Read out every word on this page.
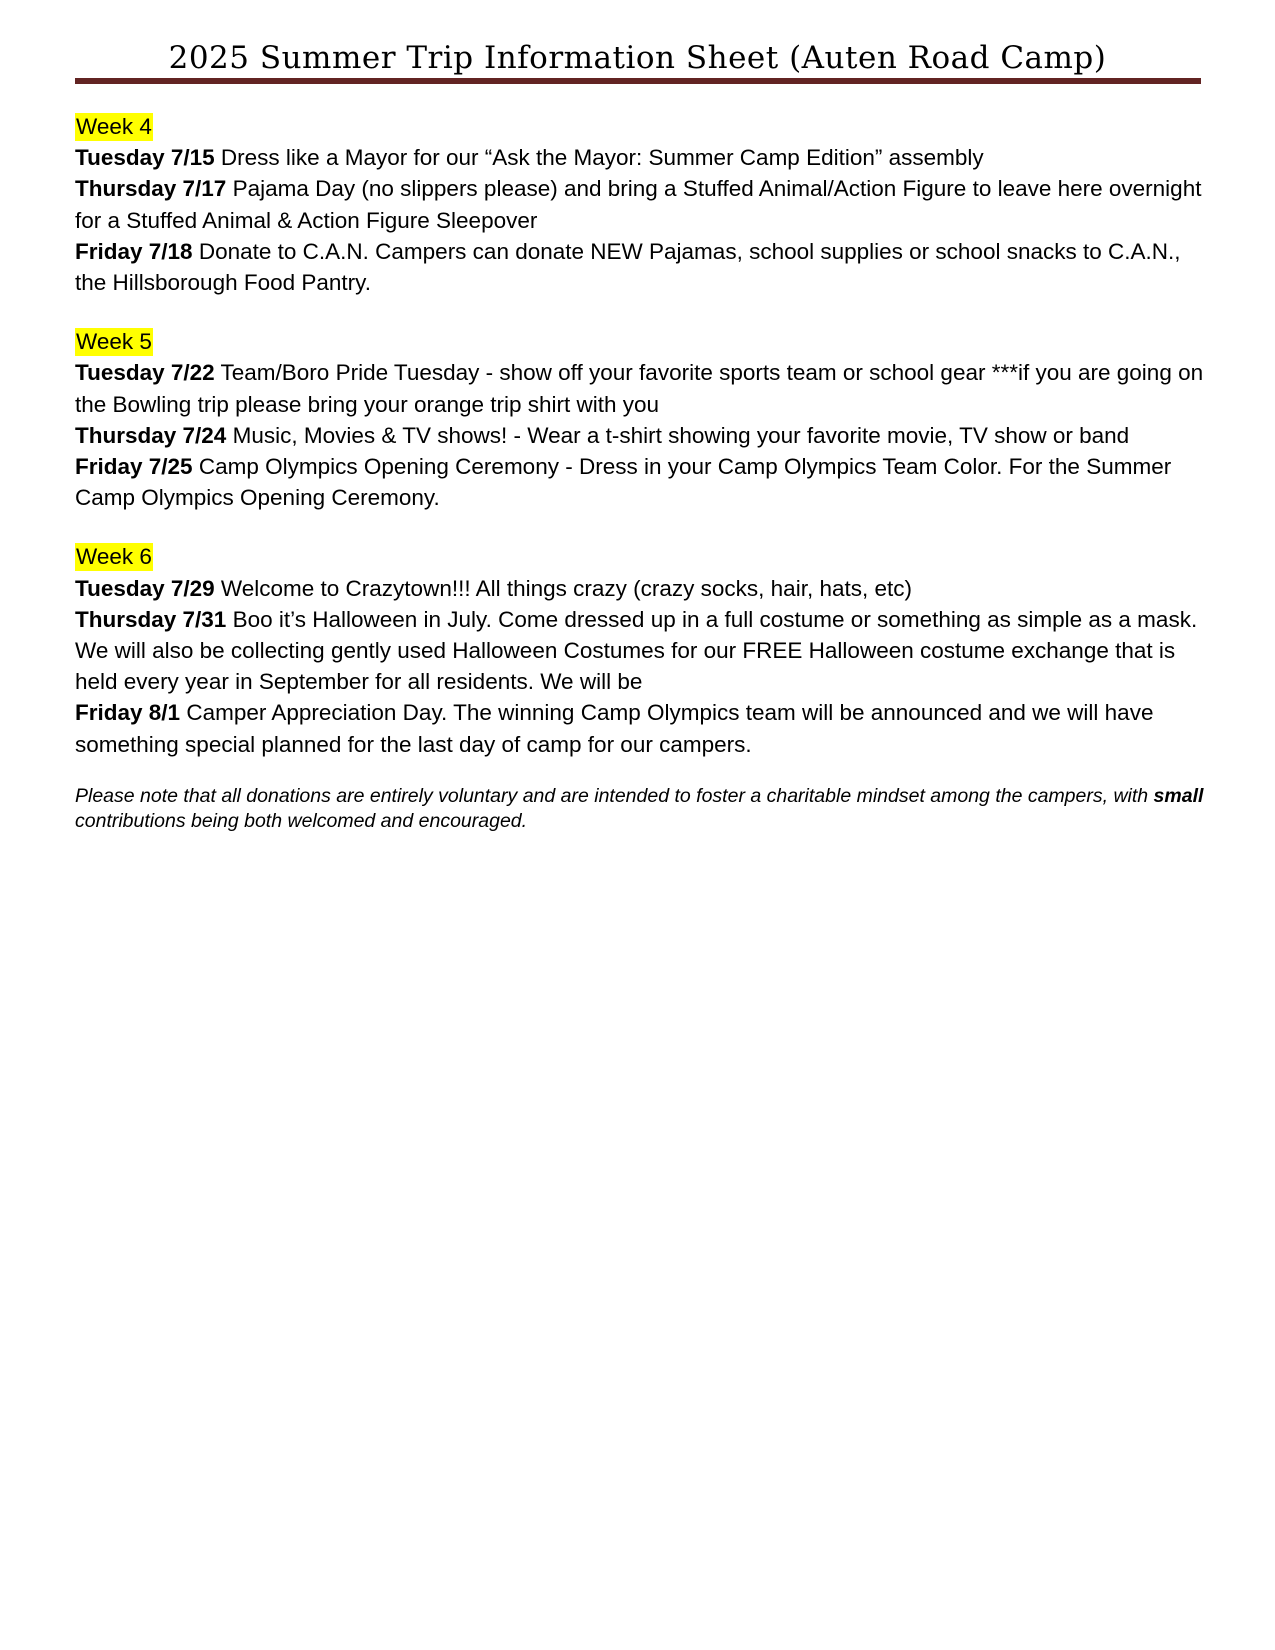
2025 Summer Trip Information Sheet (Auten Road Camp)
Week 4

Tuesday 7/15 Dress like a Mayor for our “Ask the Mayor: Summer Camp Edition” assembly

Thursday 7/17 Pajama Day (no slippers please) and bring a Stuffed Animal/Action Figure to leave here overnight for a Stuffed Animal & Action Figure Sleepover

Friday 7/18 Donate to C.A.N. Campers can donate NEW Pajamas, school supplies or school snacks to C.A.N., the Hillsborough Food Pantry.

Week 5

Tuesday 7/22 Team/Boro Pride Tuesday - show off your favorite sports team or school gear ***if you are going on the Bowling trip please bring your orange trip shirt with you

Thursday 7/24 Music, Movies & TV shows! - Wear a t-shirt showing your favorite movie, TV show or band

Friday 7/25 Camp Olympics Opening Ceremony - Dress in your Camp Olympics Team Color. For the Summer Camp Olympics Opening Ceremony.

Week 6

Tuesday 7/29 Welcome to Crazytown!!! All things crazy (crazy socks, hair, hats, etc)

Thursday 7/31 Boo it’s Halloween in July. Come dressed up in a full costume or something as simple as a mask. We will also be collecting gently used Halloween Costumes for our FREE Halloween costume exchange that is held every year in September for all residents. We will be

Friday 8/1 Camper Appreciation Day. The winning Camp Olympics team will be announced and we will have something special planned for the last day of camp for our campers.

Please note that all donations are entirely voluntary and are intended to foster a charitable mindset among the campers, with small contributions being both welcomed and encouraged.
